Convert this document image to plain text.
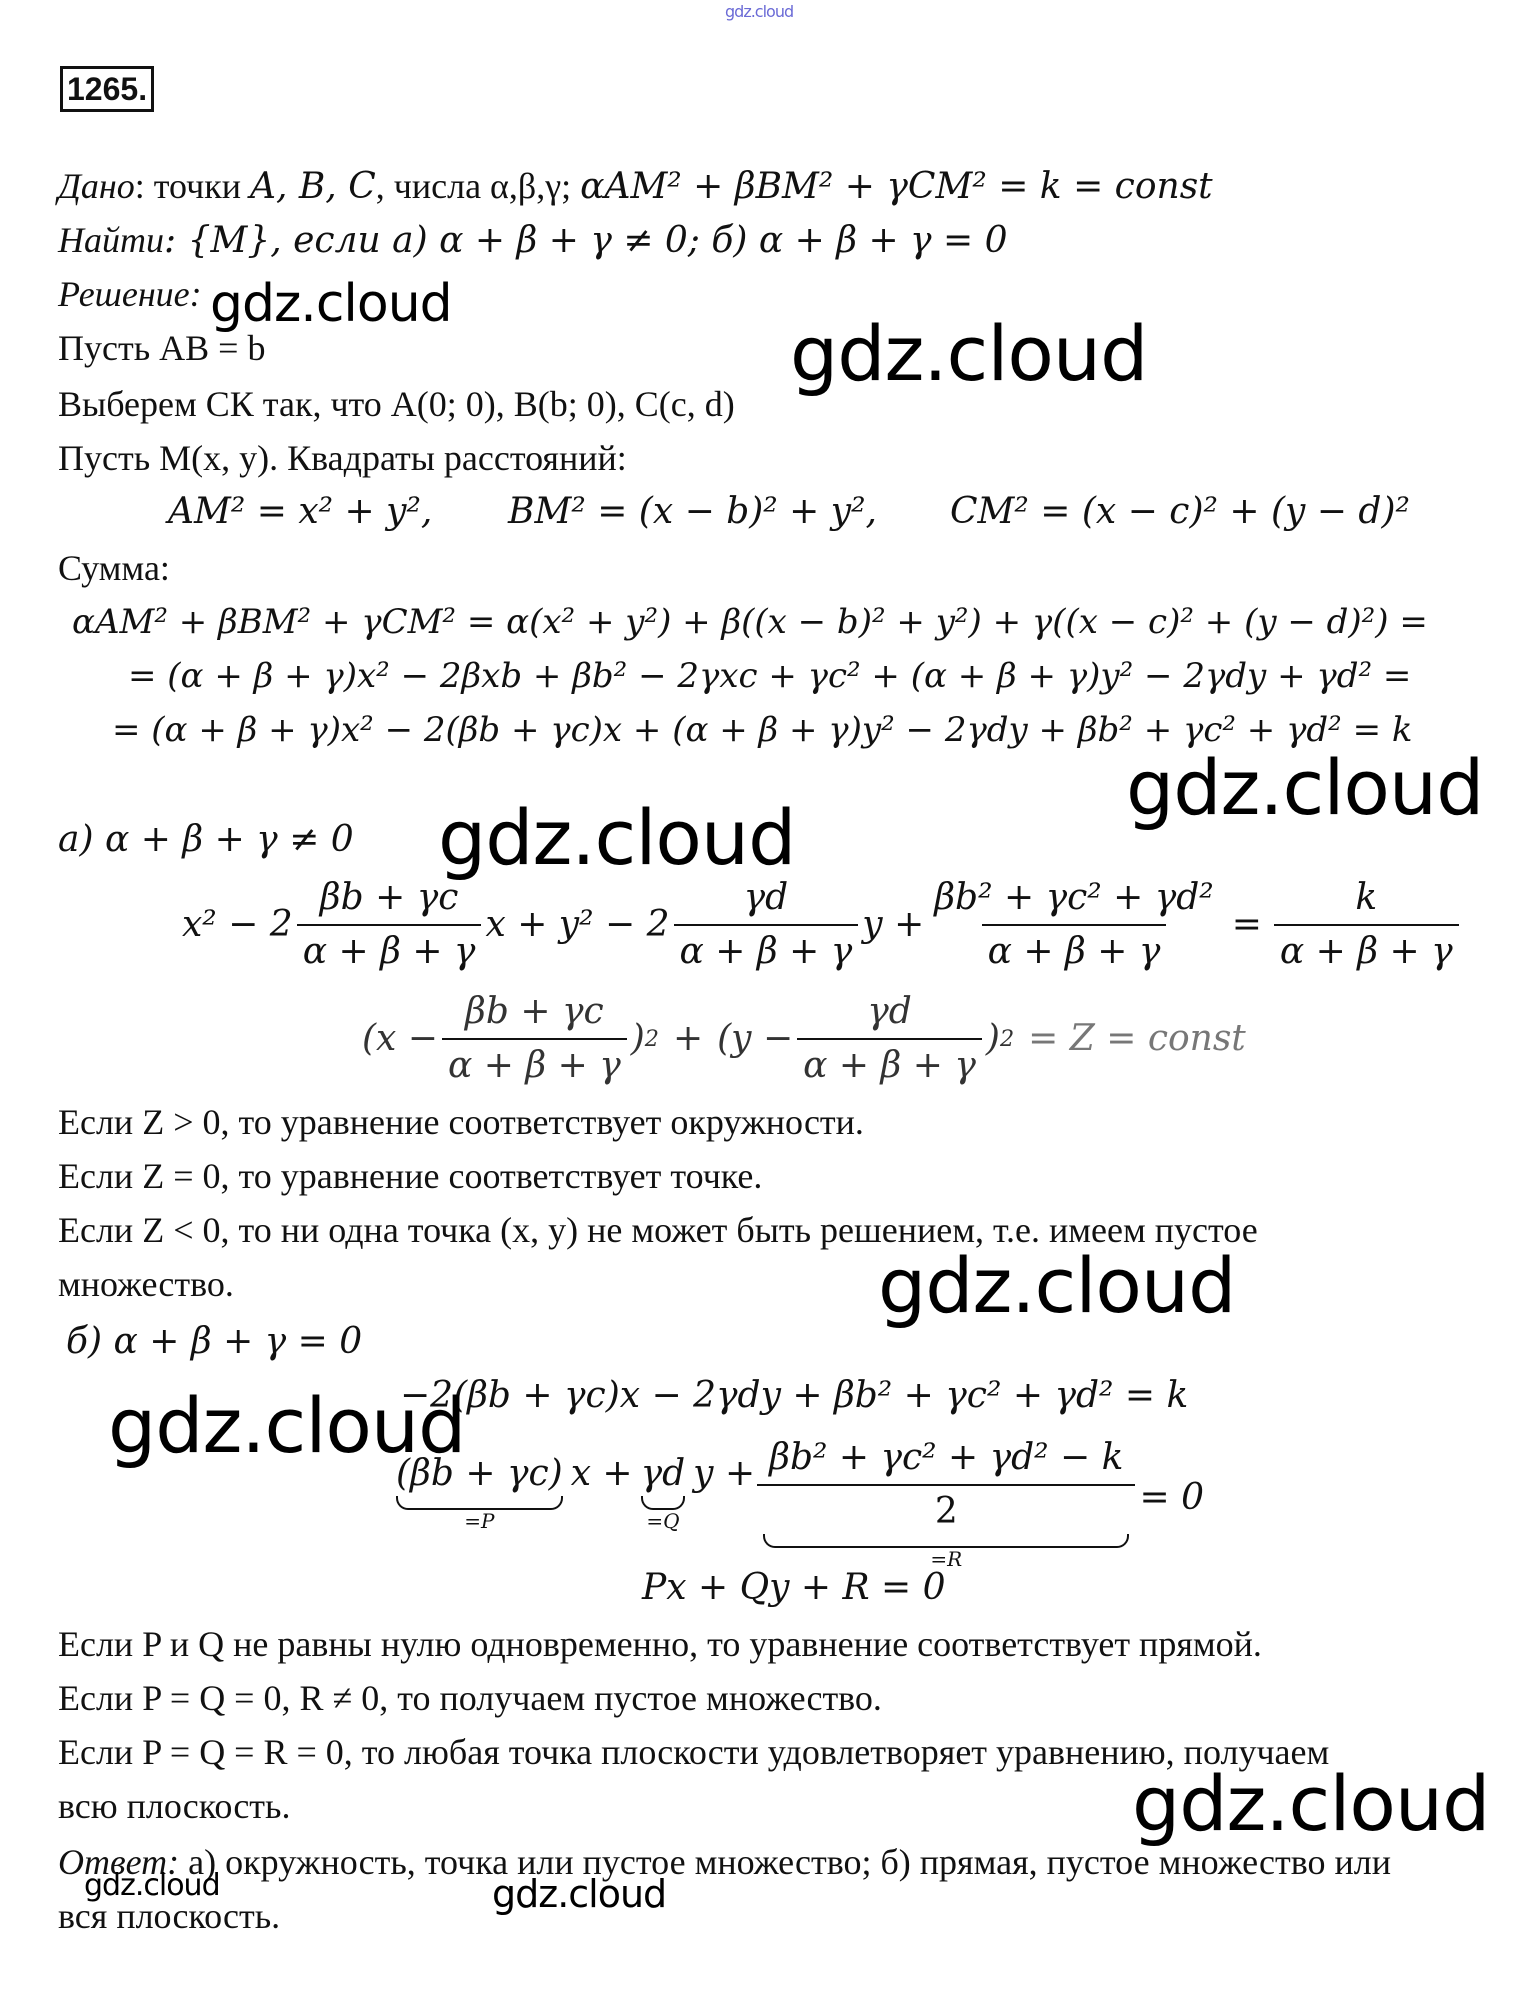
gdz.cloud
1265.
Дано: точки A, B, C, числа α,β,γ; αAM² + βBM² + γCM² = k = const
Найти: {M}, если а) α + β + γ ≠ 0; б) α + β + γ = 0
Решение:
Пусть AB = b
Выберем СК так, что A(0; 0), B(b; 0), C(c, d)
Пусть M(x, y). Квадраты расстояний:
AM² = x² + y², BM² = (x − b)² + y², CM² = (x − c)² + (y − d)²
Сумма:
αAM² + βBM² + γCM² = α(x² + y²) + β((x − b)² + y²) + γ((x − c)² + (y − d)²) =
= (α + β + γ)x² − 2βxb + βb² − 2γxc + γc² + (α + β + γ)y² − 2γdy + γd² =
= (α + β + γ)x² − 2(βb + γc)x + (α + β + γ)y² − 2γdy + βb² + γc² + γd² = k
а) α + β + γ ≠ 0
$x^2 - 2 \frac{\beta b + \gamma c}{\alpha + \beta + \gamma}$ $x + y^2 - 2 \frac{\gamma d}{\alpha + \beta + \gamma}$ $y + \frac{\text{βb² + γc² + γd²}}{\alpha + \beta + \gamma} = \frac{k}{\alpha + \beta + \gamma}$
($x - \frac{\beta b + \gamma c}{\alpha + \beta + \gamma}$ ) $2 + (y - \frac{\gamma d}{\alpha + \beta + \gamma}$ ) 2 = Z = const
Если Z > 0, то уравнение соответствует окружности.
Если Z = 0, то уравнение соответствует точке.
Если Z < 0, то ни одна точка (x, y) не может быть решением, т.е. имеем пустое
множество.
б) α + β + γ = 0
−2(βb + γc)x − 2γdy + βb² + γc² + γd² = k
(βb + γc)
=P
x + γd
=Q
$y + \frac{\text{βb² + γc² + γd² − k}}{2}$
=R
= 0
Px + Qy + R = 0
Если P и Q не равны нулю одновременно, то уравнение соответствует прямой.
Если P = Q = 0, R ≠ 0, то получаем пустое множество.
Если P = Q = R = 0, то любая точка плоскости удовлетворяет уравнению, получаем
всю плоскость.
Ответ: а) окружность, точка или пустое множество; б) прямая, пустое множество или
вся плоскость.
gdz.cloud
gdz.cloud
gdz.cloud
gdz.cloud
gdz.cloud
gdz.cloud
gdz.cloud
gdz.cloud	gdz.cloud
